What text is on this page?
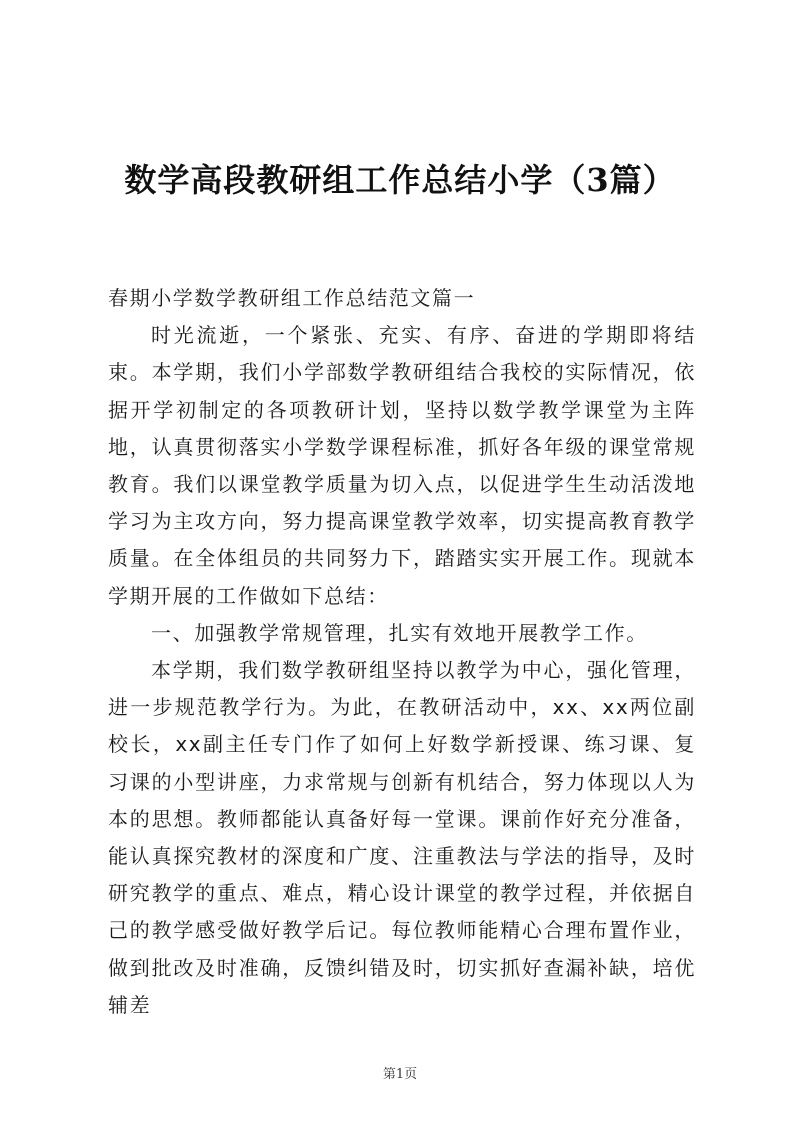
数学高段教研组工作总结小学（3篇）

春期小学数学教研组工作总结范文篇一

时光流逝，一个紧张、充实、有序、奋进的学期即将结束。本学期，我们小学部数学教研组结合我校的实际情况，依据开学初制定的各项教研计划，坚持以数学教学课堂为主阵地，认真贯彻落实小学数学课程标准，抓好各年级的课堂常规教育。我们以课堂教学质量为切入点，以促进学生生动活泼地学习为主攻方向，努力提高课堂教学效率，切实提高教育教学质量。在全体组员的共同努力下，踏踏实实开展工作。现就本学期开展的工作做如下总结：

一、加强教学常规管理，扎实有效地开展教学工作。

本学期，我们数学教研组坚持以教学为中心，强化管理，进一步规范教学行为。为此，在教研活动中，xx、xx两位副校长，xx副主任专门作了如何上好数学新授课、练习课、复习课的小型讲座，力求常规与创新有机结合，努力体现以人为本的思想。教师都能认真备好每一堂课。课前作好充分准备，能认真探究教材的深度和广度、注重教法与学法的指导，及时研究教学的重点、难点，精心设计课堂的教学过程，并依据自己的教学感受做好教学后记。每位教师能精心合理布置作业，做到批改及时准确，反馈纠错及时，切实抓好查漏补缺，培优辅差

第1页
